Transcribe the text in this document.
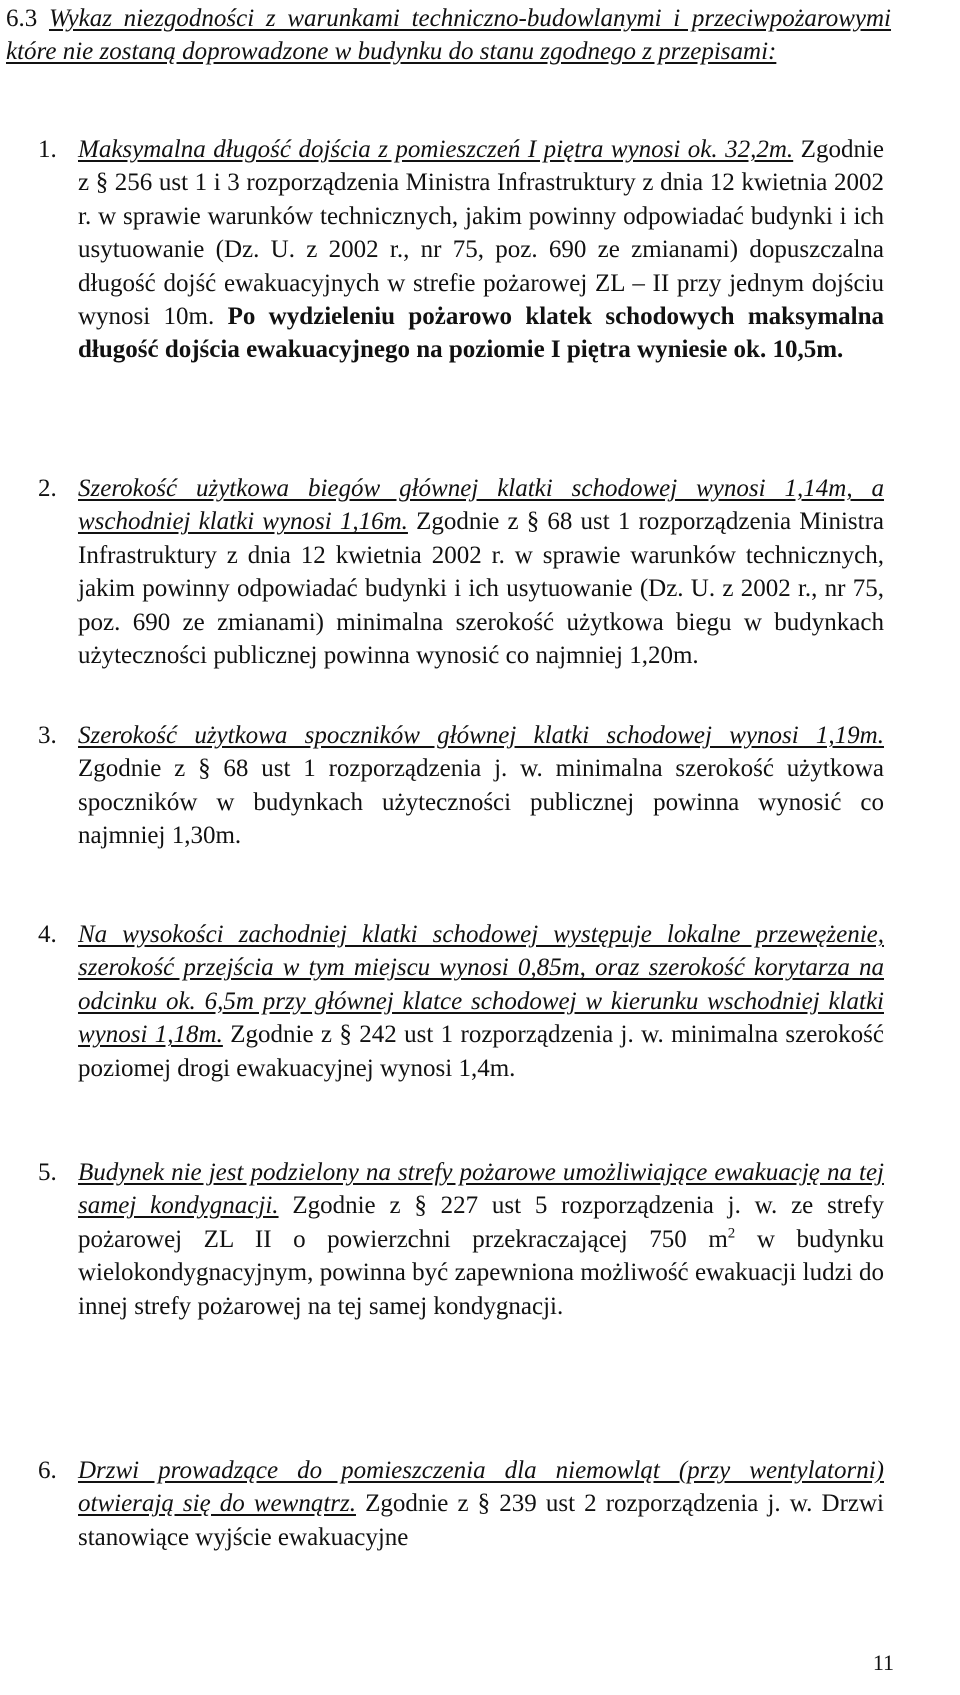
6.3 Wykaz niezgodności z warunkami techniczno-budowlanymi i przeciwpożarowymi które nie zostaną doprowadzone w budynku do stanu zgodnego z przepisami:
1. Maksymalna długość dojścia z pomieszczeń I piętra wynosi ok. 32,2m. Zgodnie z § 256 ust 1 i 3 rozporządzenia Ministra Infrastruktury z dnia 12 kwietnia 2002 r. w sprawie warunków technicznych, jakim powinny odpowiadać budynki i ich usytuowanie (Dz. U. z 2002 r., nr 75, poz. 690 ze zmianami) dopuszczalna długość dojść ewakuacyjnych w strefie pożarowej ZL – II przy jednym dojściu wynosi 10m. Po wydzieleniu pożarowo klatek schodowych maksymalna długość dojścia ewakuacyjnego na poziomie I piętra wyniesie ok. 10,5m.
2. Szerokość użytkowa biegów głównej klatki schodowej wynosi 1,14m, a wschodniej klatki wynosi 1,16m. Zgodnie z § 68 ust 1 rozporządzenia Ministra Infrastruktury z dnia 12 kwietnia 2002 r. w sprawie warunków technicznych, jakim powinny odpowiadać budynki i ich usytuowanie (Dz. U. z 2002 r., nr 75, poz. 690 ze zmianami) minimalna szerokość użytkowa biegu w budynkach użyteczności publicznej powinna wynosić co najmniej 1,20m.
3. Szerokość użytkowa spoczników głównej klatki schodowej wynosi 1,19m. Zgodnie z § 68 ust 1 rozporządzenia j. w. minimalna szerokość użytkowa spoczników w budynkach użyteczności publicznej powinna wynosić co najmniej 1,30m.
4. Na wysokości zachodniej klatki schodowej występuje lokalne przewężenie, szerokość przejścia w tym miejscu wynosi 0,85m, oraz szerokość korytarza na odcinku ok. 6,5m przy głównej klatce schodowej w kierunku wschodniej klatki wynosi 1,18m. Zgodnie z § 242 ust 1 rozporządzenia j. w. minimalna szerokość poziomej drogi ewakuacyjnej wynosi 1,4m.
5. Budynek nie jest podzielony na strefy pożarowe umożliwiające ewakuację na tej samej kondygnacji. Zgodnie z § 227 ust 5 rozporządzenia j. w. ze strefy pożarowej ZL II o powierzchni przekraczającej 750 $m^2$ w budynku wielokondygnacyjnym, powinna być zapewniona możliwość ewakuacji ludzi do innej strefy pożarowej na tej samej kondygnacji.
6. Drzwi prowadzące do pomieszczenia dla niemowląt (przy wentylatorni) otwierają się do wewnątrz. Zgodnie z § 239 ust 2 rozporządzenia j. w. Drzwi stanowiące wyjście ewakuacyjne
11
